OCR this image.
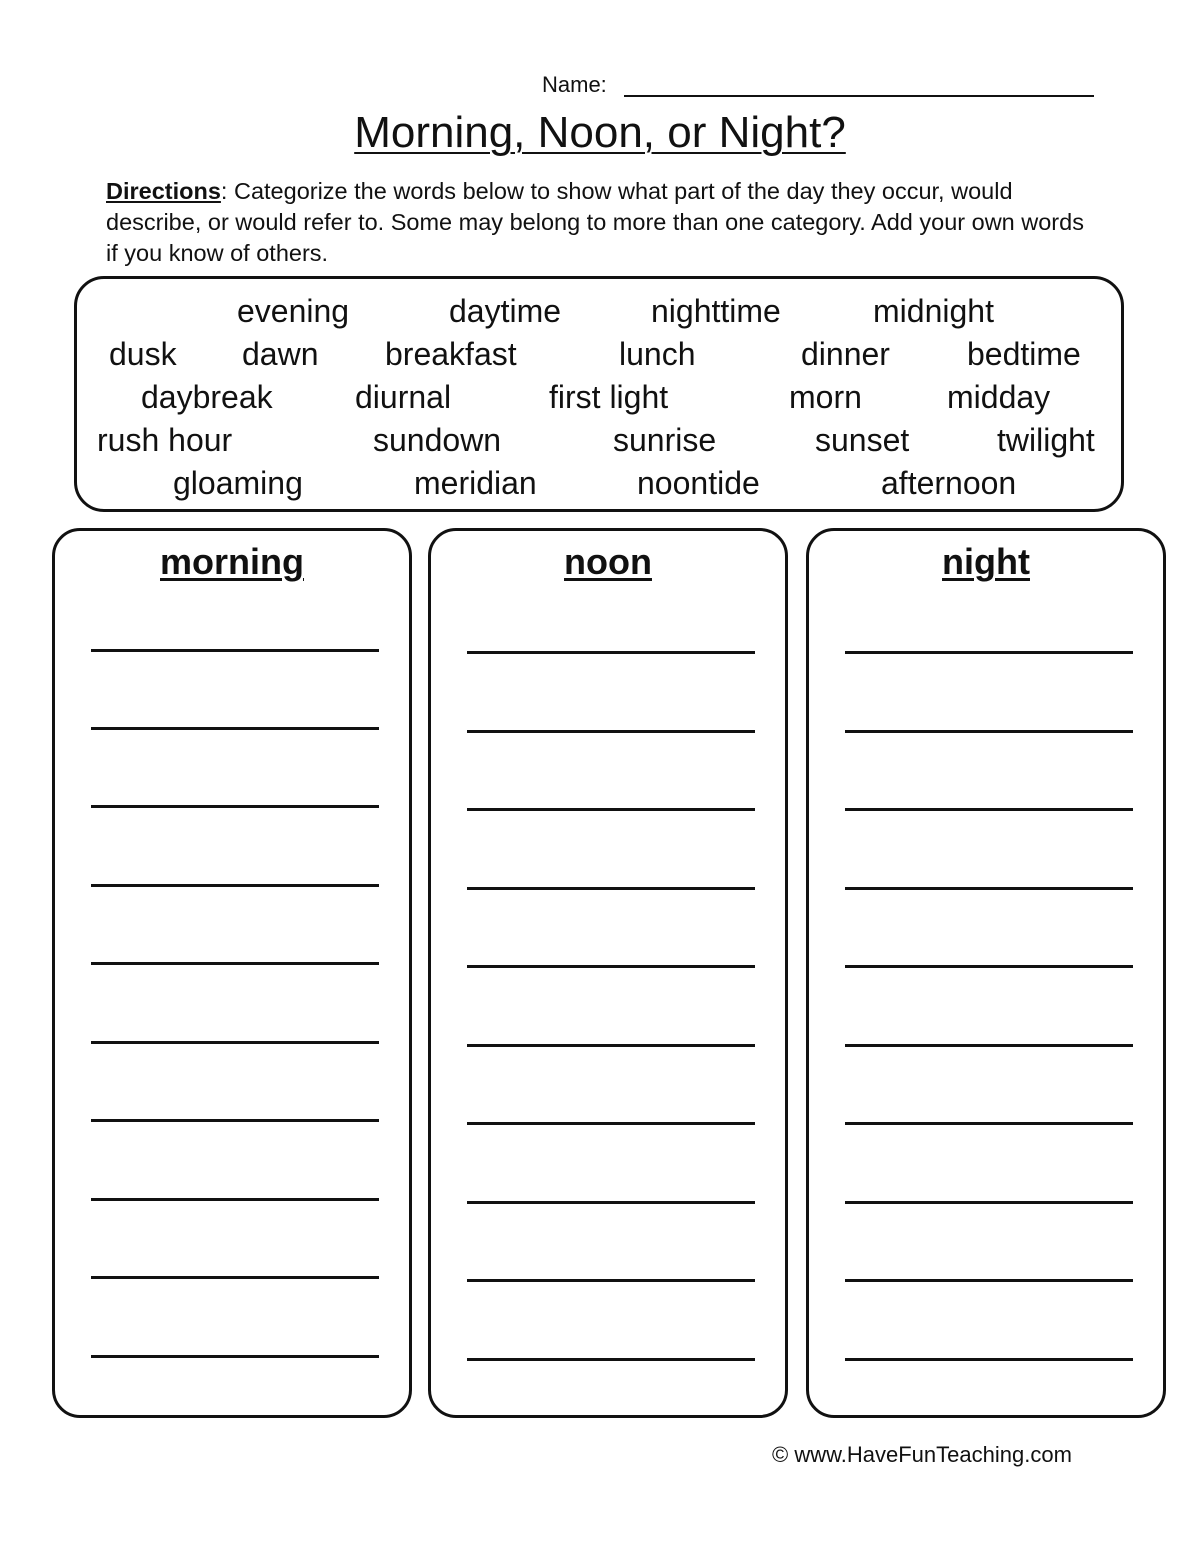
Name:
Morning, Noon, or Night?
Directions: Categorize the words below to show what part of the day they occur, would describe, or would refer to. Some may belong to more than one category. Add your own words if you know of others.
evening	daytime	nighttime	midnight
dusk dawn breakfast	lunch	dinner bedtime
daybreak	diurnal	first light	morn	midday
rush hour	sundown	sunrise	sunset	twilight
gloaming	meridian	noontide	afternoon
morning	noon	night
© www.HaveFunTeaching.com
